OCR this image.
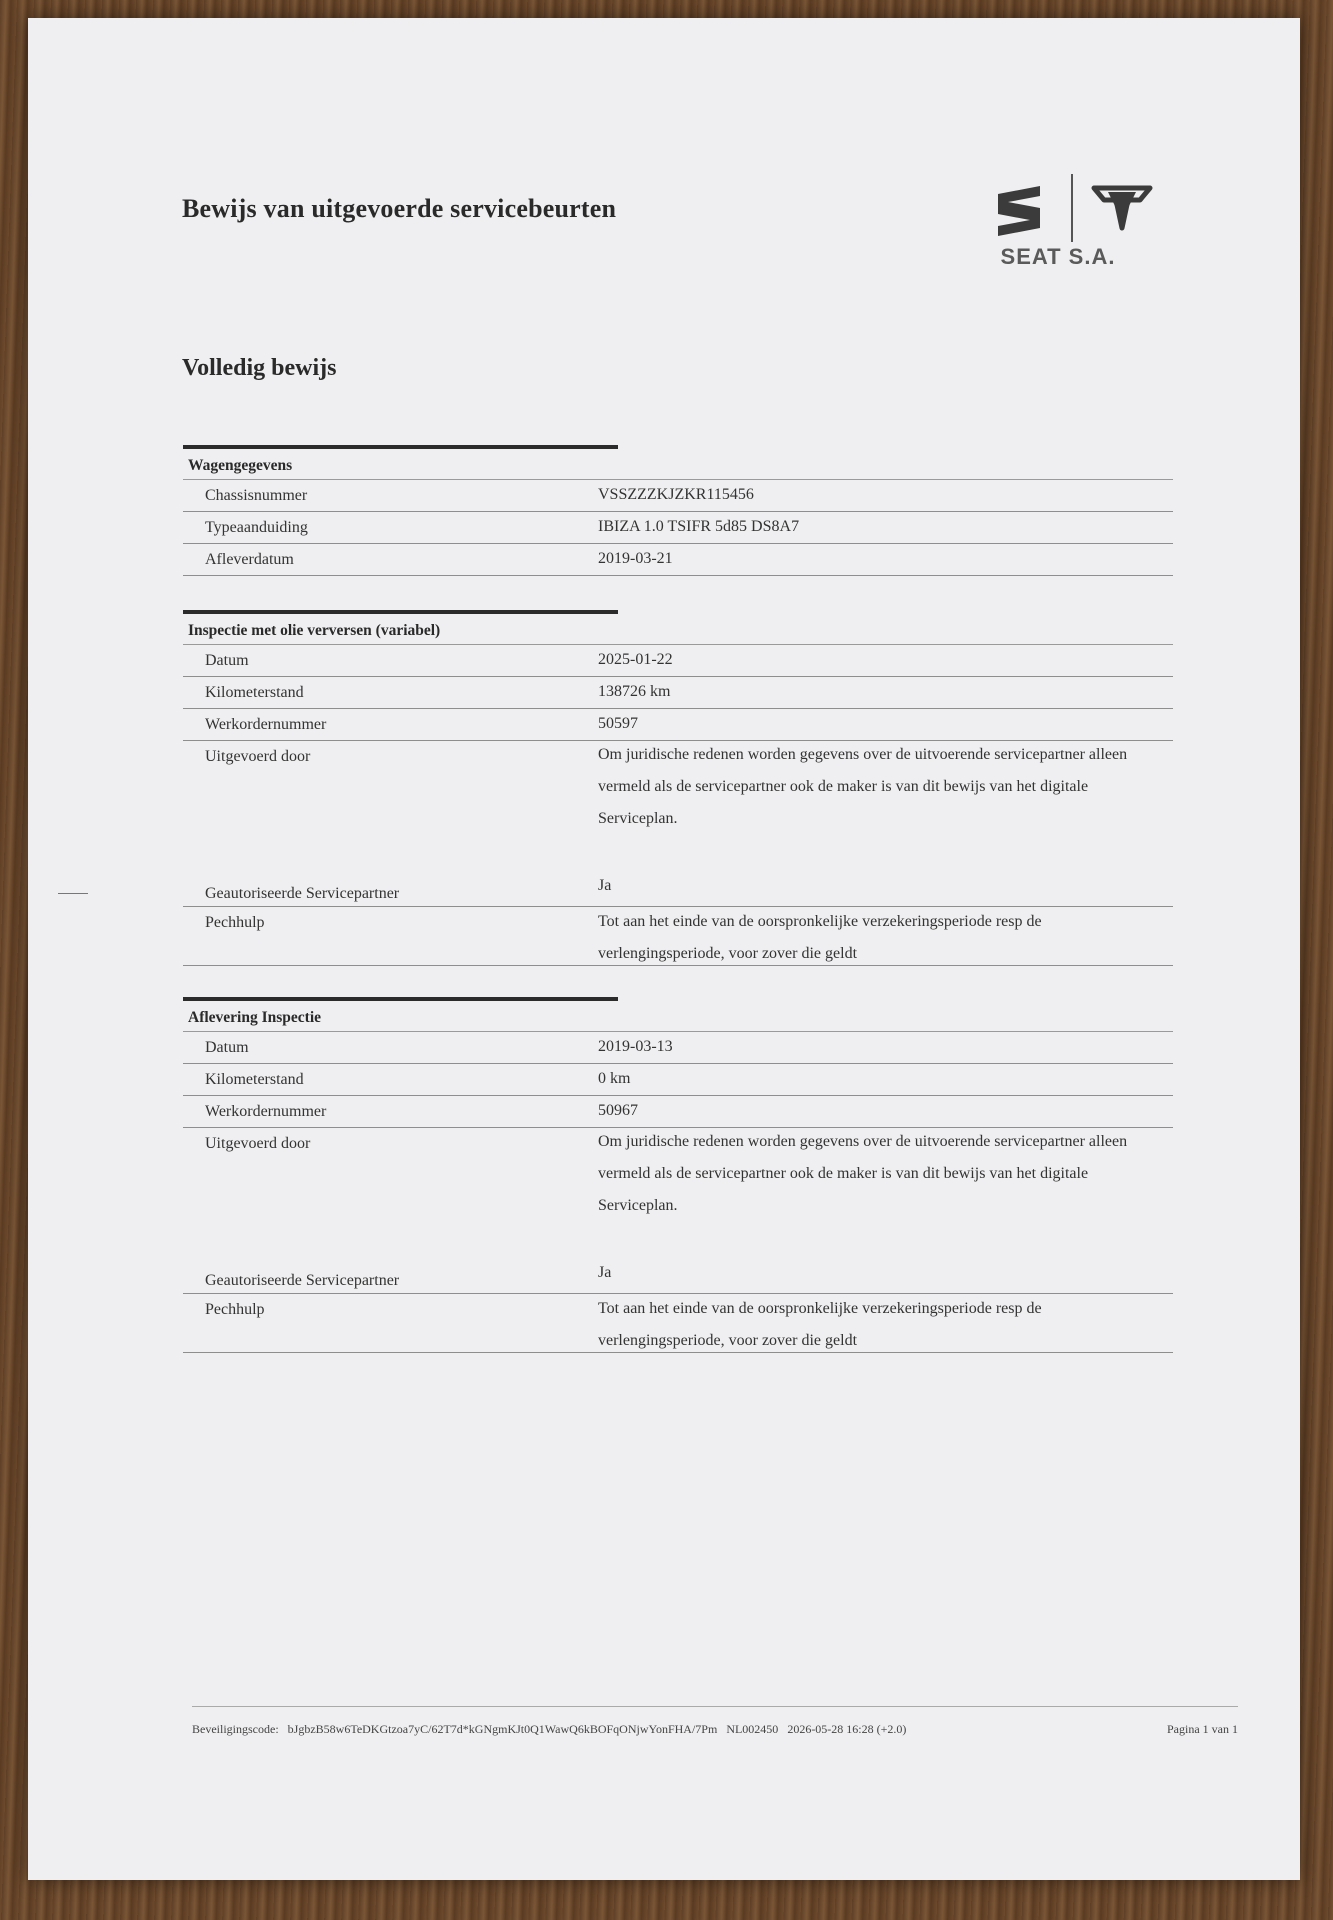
Bewijs van uitgevoerde servicebeurten
SEAT S.A.
Volledig bewijs
Wagengegevens
Chassisnummer	VSSZZZKJZKR115456
Typeaanduiding	IBIZA 1.0 TSIFR 5d85 DS8A7
Afleverdatum	2019-03-21
Inspectie met olie verversen (variabel)
Datum	2025-01-22
Kilometerstand	138726 km
Werkordernummer	50597
Uitgevoerd door	Om juridische redenen worden gegevens over de uitvoerende servicepartner alleen vermeld als de servicepartner ook de maker is van dit bewijs van het digitale Serviceplan.
Geautoriseerde Servicepartner	Ja
Pechhulp	Tot aan het einde van de oorspronkelijke verzekeringsperiode resp de verlengingsperiode, voor zover die geldt
Aflevering Inspectie
Datum	2019-03-13
Kilometerstand	0 km
Werkordernummer	50967
Uitgevoerd door	Om juridische redenen worden gegevens over de uitvoerende servicepartner alleen vermeld als de servicepartner ook de maker is van dit bewijs van het digitale Serviceplan.
Geautoriseerde Servicepartner	Ja
Pechhulp	Tot aan het einde van de oorspronkelijke verzekeringsperiode resp de verlengingsperiode, voor zover die geldt
Beveiligingscode: bJgbzB58w6TeDKGtzoa7yC/62T7d*kGNgmKJt0Q1WawQ6kBOFqONjwYonFHA/7Pm NL002450 2026-05-28 16:28 (+2.0)	Pagina 1 van 1
